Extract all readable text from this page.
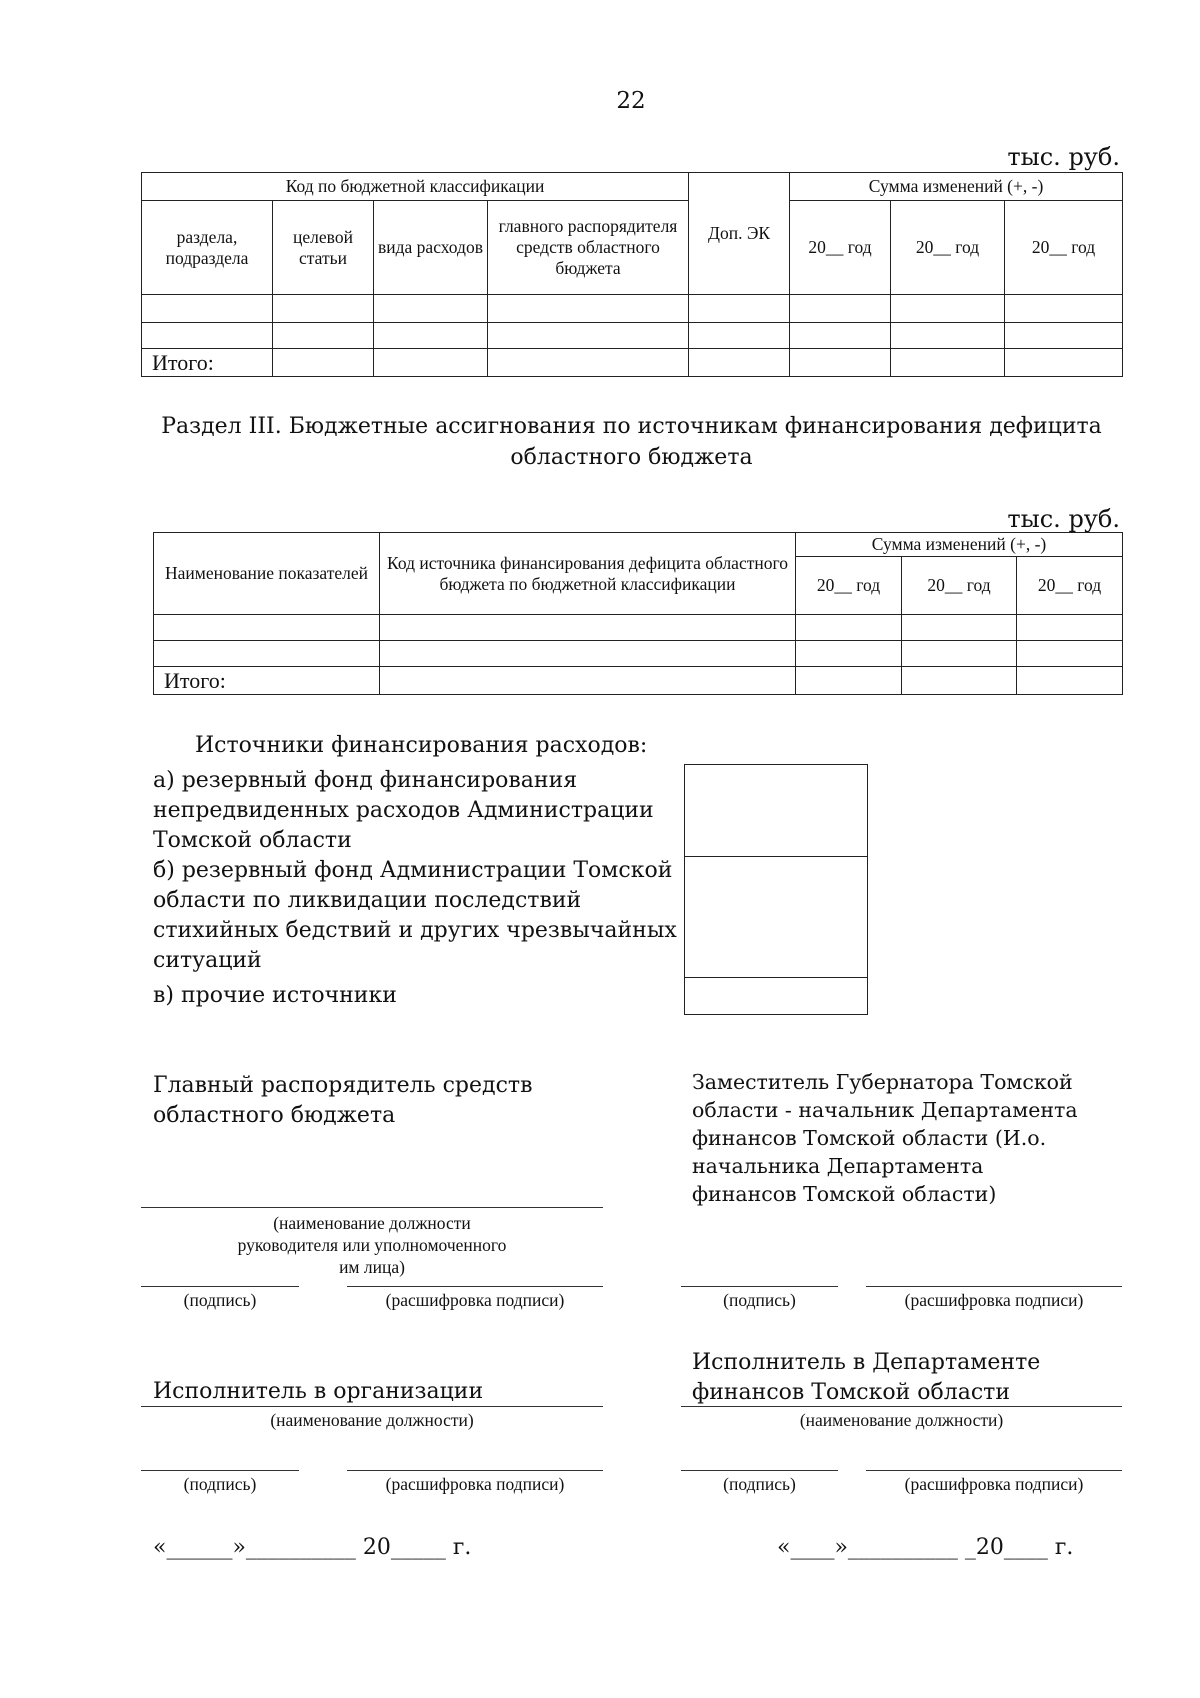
22
тыс. руб.
Код по бюджетной классификации				Доп. ЭК	Сумма изменений (+, -)		
раздела, подраздела	целевой статьи	вида расходов	главного распорядителя средств областного бюджета		20__ год	20__ год	20__ год

Итого:							
Раздел III. Бюджетные ассигнования по источникам финансирования дефицита
областного бюджета
тыс. руб.
Наименование показателей	Код источника финансирования дефицита областного бюджета по бюджетной классификации	Сумма изменений (+, -)		
		20__ год	20__ год	20__ год

Итого:				
Источники финансирования расходов:
а) резервный фонд финансирования непредвиденных расходов Администрации Томской области
б) резервный фонд Администрации Томской области по ликвидации последствий стихийных бедствий и других чрезвычайных ситуаций
в) прочие источники
Главный распорядитель средств областного бюджета
(наименование должности руководителя или уполномоченного им лица)
(подпись)	(расшифровка подписи)
Заместитель Губернатора Томской области - начальник Департамента финансов Томской области (И.о. начальника Департамента финансов Томской области)
(подпись)	(расшифровка подписи)
Исполнитель в организации
(наименование должности)
(подпись)	(расшифровка подписи)
«______»__________ 20_____ г.
Исполнитель в Департаменте финансов Томской области
(наименование должности)
(подпись)	(расшифровка подписи)
«____»__________ _20____ г.
